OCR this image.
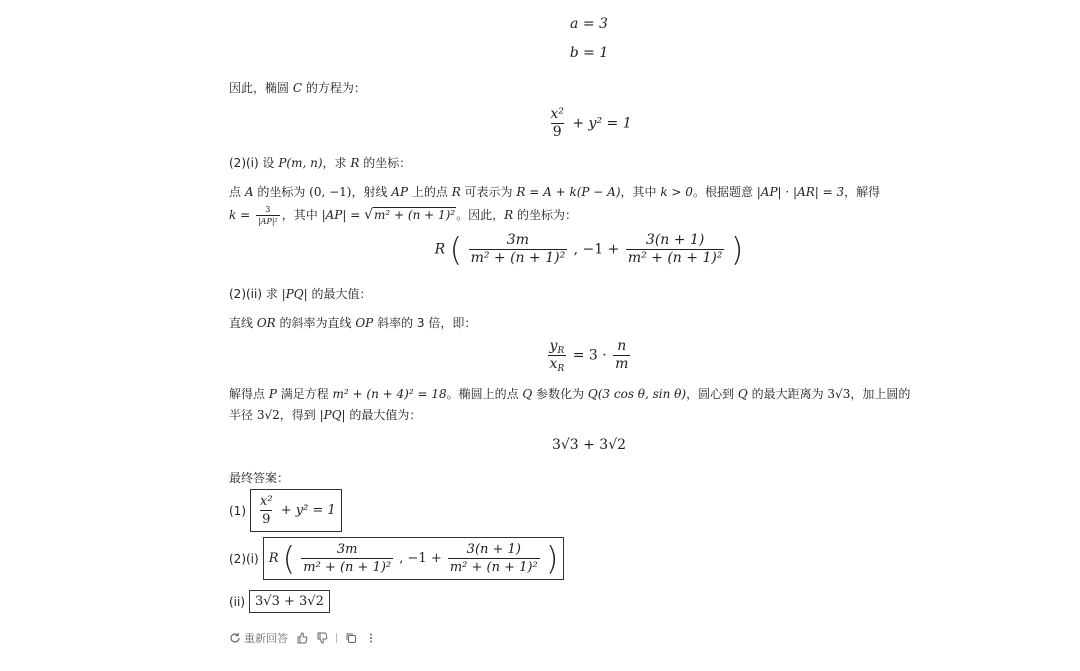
a = 3
b = 1
因此，椭圆 C 的方程为：
$\frac{\text{x²}}{9} + y^2 = 1$
(2)(i) 设 P(m, n)，求 R 的坐标：
点 A 的坐标为 (0, −1)，射线 AP 上的点 R 可表示为 R = A + k(P − A)，其中 k > 0。根据题意 |AP| · |AR| = 3，解得
$k = \frac{3}{\text{|AP|²}}$ ，其中 |AP| = √m² + (n + 1)²。因此，R 的坐标为：
R ( $\frac{3m}{\text{m² + (n + 1)²}}$ , $-1 + \frac{3(n + 1)}{\text{m² + (n + 1)²}}$ )
(2)(ii) 求 |PQ| 的最大值：
直线 OR 的斜率为直线 OP 斜率的 3 倍，即：
$\frac{y_R}{x_R} = 3 \cdot \frac{n}{m}$
解得点 P 满足方程 m² + (n + 4)² = 18。椭圆上的点 Q 参数化为 Q(3 cos θ, sin θ)，圆心到 Q 的最大距离为 3√3，加上圆的
半径 3√2，得到 |PQ| 的最大值为：
3√3 + 3√2
最终答案：
$(1) \frac{\text{x²}}{9} + y^2 = 1$
(2)(i) R ( $\frac{3m}{\text{m² + (n + 1)²}}$ , $-1 + \frac{3(n + 1)}{\text{m² + (n + 1)²}}$ )
(ii) 3√3 + 3√2
重新回答
